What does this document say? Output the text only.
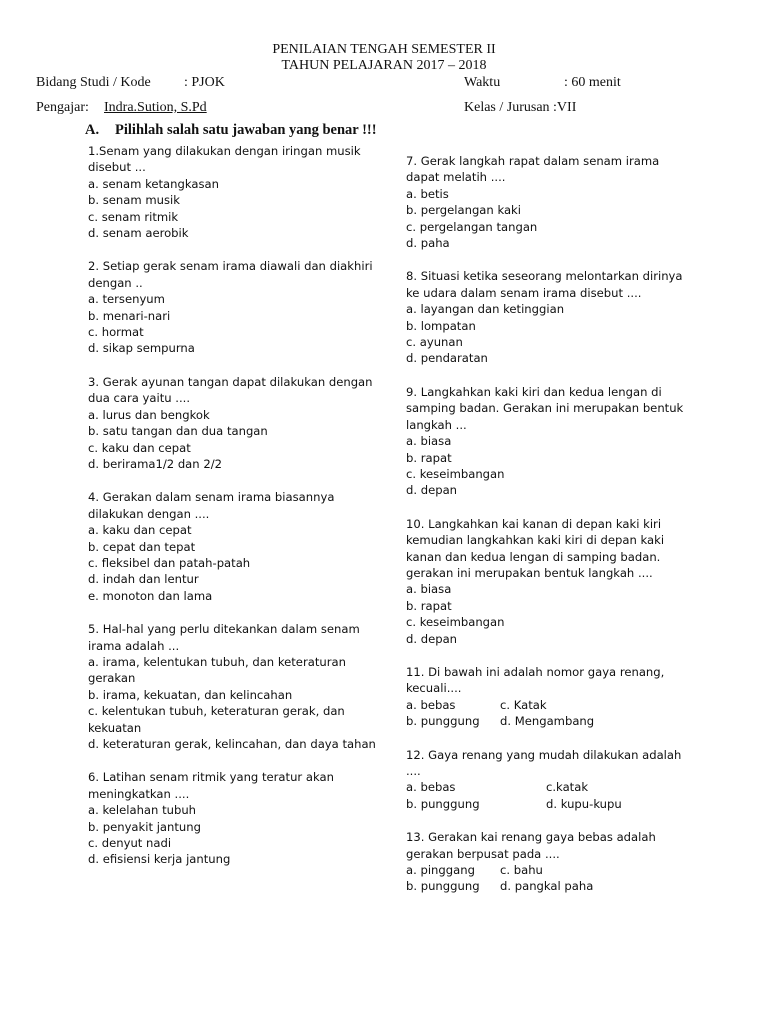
PENILAIAN TENGAH SEMESTER II
TAHUN PELAJARAN 2017 – 2018
Bidang Studi / Kode : PJOK	Waktu	: 60 menit
Pengajar: Indra.Sution, S.Pd	Kelas / Jurusan :VII
A. Pilihlah salah satu jawaban yang benar !!!
1.Senam yang dilakukan dengan iringan musik disebut ...
a. senam ketangkasan
b. senam musik
c. senam ritmik
d. senam aerobik
2. Setiap gerak senam irama diawali dan diakhiri dengan ..
a. tersenyum
b. menari-nari
c. hormat
d. sikap sempurna
3. Gerak ayunan tangan dapat dilakukan dengan dua cara yaitu ....
a. lurus dan bengkok
b. satu tangan dan dua tangan
c. kaku dan cepat
d. berirama1/2 dan 2/2
4. Gerakan dalam senam irama biasannya dilakukan dengan ....
a. kaku dan cepat
b. cepat dan tepat
c. fleksibel dan patah-patah
d. indah dan lentur
e. monoton dan lama
5. Hal-hal yang perlu ditekankan dalam senam irama adalah ...
a. irama, kelentukan tubuh, dan keteraturan gerakan
b. irama, kekuatan, dan kelincahan
c. kelentukan tubuh, keteraturan gerak, dan kekuatan
d. keteraturan gerak, kelincahan, dan daya tahan
6. Latihan senam ritmik yang teratur akan meningkatkan ....
a. kelelahan tubuh
b. penyakit jantung
c. denyut nadi
d. efisiensi kerja jantung
7. Gerak langkah rapat dalam senam irama dapat melatih ....
a. betis
b. pergelangan kaki
c. pergelangan tangan
d. paha
8. Situasi ketika seseorang melontarkan dirinya ke udara dalam senam irama disebut ....
a. layangan dan ketinggian
b. lompatan
c. ayunan
d. pendaratan
9. Langkahkan kaki kiri dan kedua lengan di samping badan. Gerakan ini merupakan bentuk langkah ...
a. biasa
b. rapat
c. keseimbangan
d. depan
10. Langkahkan kai kanan di depan kaki kiri kemudian langkahkan kaki kiri di depan kaki kanan dan kedua lengan di samping badan. gerakan ini merupakan bentuk langkah ....
a. biasa
b. rapat
c. keseimbangan
d. depan
11. Di bawah ini adalah nomor gaya renang, kecuali....
a. bebas	c. Katak
b. punggung	d. Mengambang
12. Gaya renang yang mudah dilakukan adalah ....
a. bebas	c.katak
b. punggung	d. kupu-kupu
13. Gerakan kai renang gaya bebas adalah gerakan berpusat pada ....
a. pinggang	c. bahu
b. punggung	d. pangkal paha
